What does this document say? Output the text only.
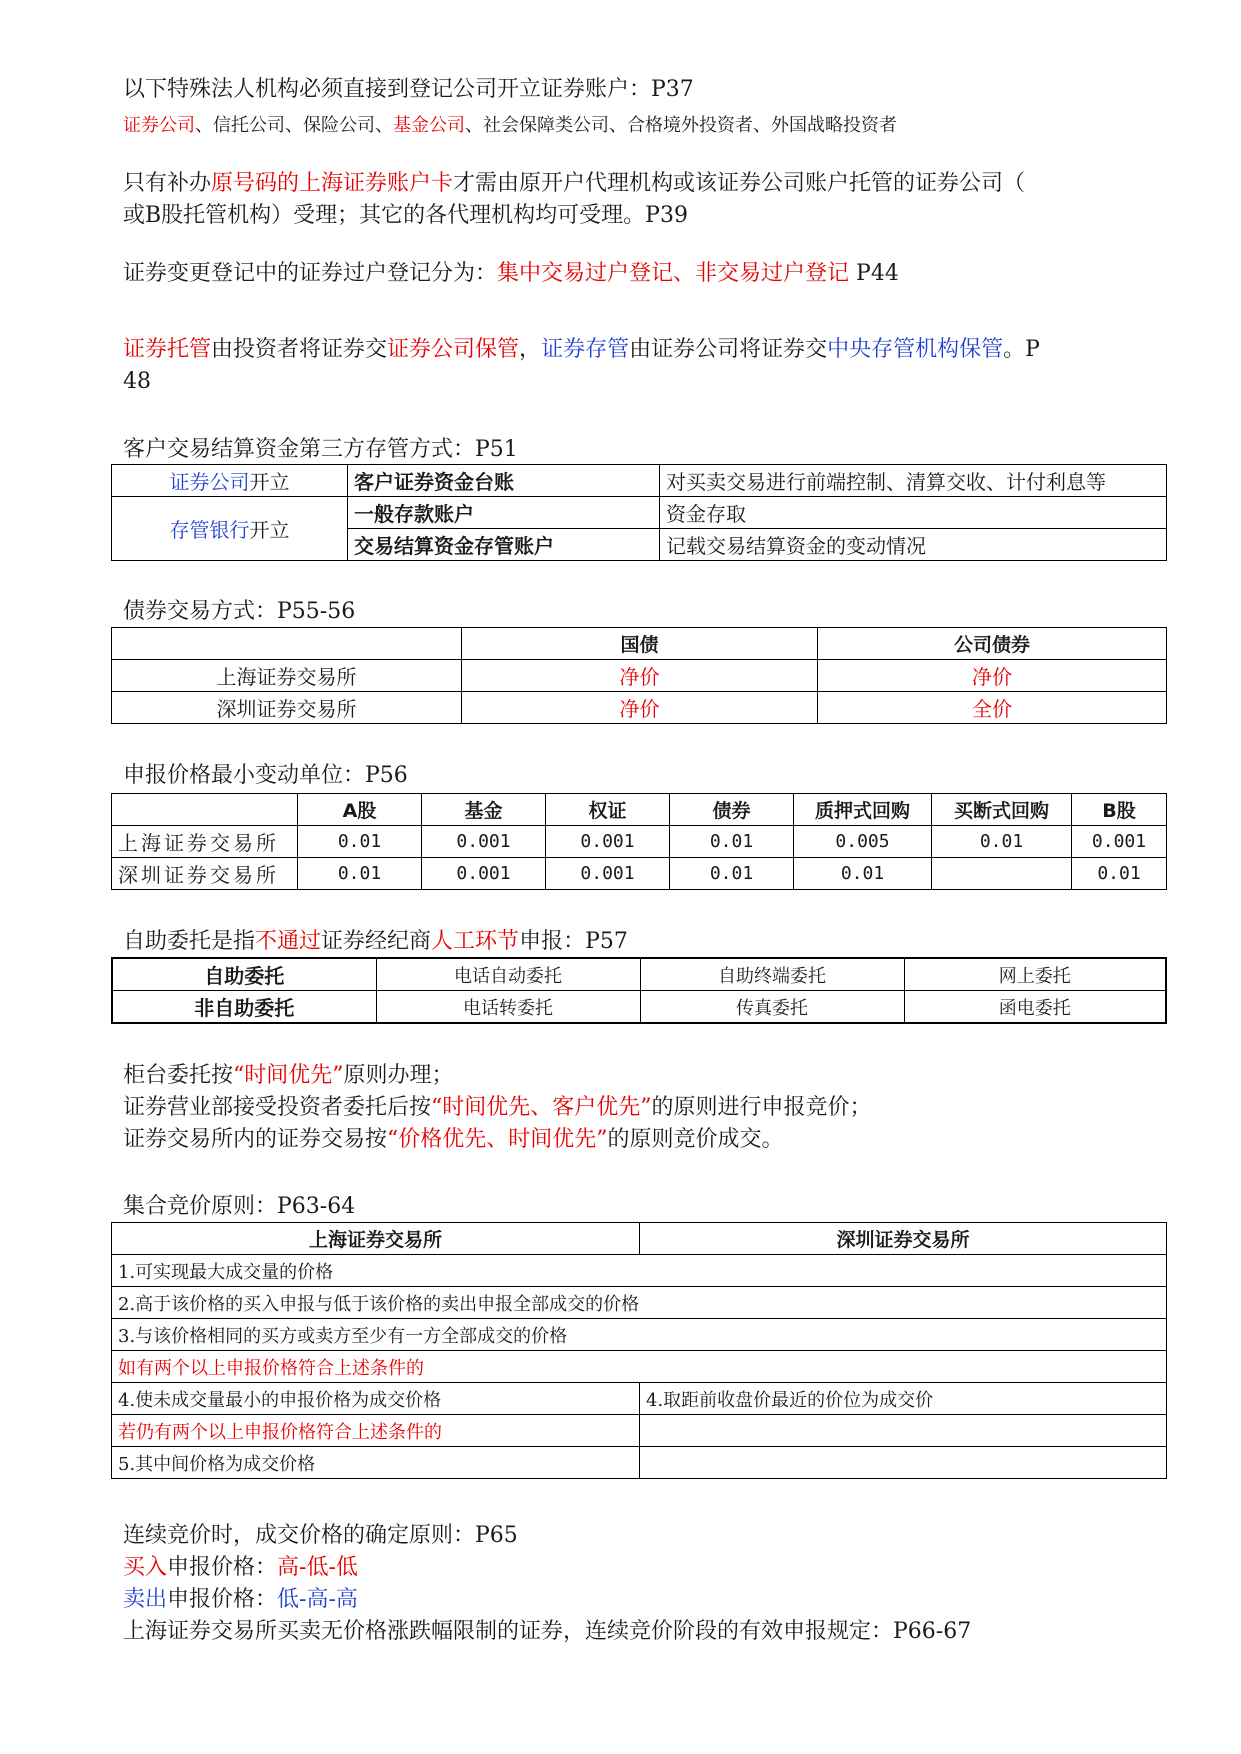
以下特殊法人机构必须直接到登记公司开立证券账户：P37
证券公司、信托公司、保险公司、基金公司、社会保障类公司、合格境外投资者、外国战略投资者
只有补办原号码的上海证券账户卡才需由原开户代理机构或该证券公司账户托管的证券公司（
或B股托管机构）受理；其它的各代理机构均可受理。P39
证券变更登记中的证券过户登记分为：集中交易过户登记、非交易过户登记 P44
证券托管由投资者将证券交证券公司保管，证券存管由证券公司将证券交中央存管机构保管。P
48
客户交易结算资金第三方存管方式：P51
证券公司开立	客户证券资金台账	对买卖交易进行前端控制、清算交收、计付利息等
存管银行开立	一般存款账户	资金存取
	交易结算资金存管账户	记载交易结算资金的变动情况
债券交易方式：P55-56
	国债	公司债券
上海证券交易所	净价	净价
深圳证券交易所	净价	全价
申报价格最小变动单位：P56
	A股	基金	权证	债券	质押式回购	买断式回购	B股
上海证券交易所	0.01	0.001	0.001	0.01	0.005	0.01	0.001
深圳证券交易所	0.01	0.001	0.001	0.01	0.01		0.01
自助委托是指不通过证券经纪商人工环节申报：P57
自助委托	电话自动委托	自助终端委托	网上委托
非自助委托	电话转委托	传真委托	函电委托
柜台委托按“时间优先”原则办理；
证券营业部接受投资者委托后按“时间优先、客户优先”的原则进行申报竞价；
证券交易所内的证券交易按“价格优先、时间优先”的原则竞价成交。
集合竞价原则：P63-64
上海证券交易所	深圳证券交易所
1.可实现最大成交量的价格	
2.高于该价格的买入申报与低于该价格的卖出申报全部成交的价格	
3.与该价格相同的买方或卖方至少有一方全部成交的价格	
如有两个以上申报价格符合上述条件的	
4.使未成交量最小的申报价格为成交价格	4.取距前收盘价最近的价位为成交价
若仍有两个以上申报价格符合上述条件的	
5.其中间价格为成交价格	
连续竞价时，成交价格的确定原则：P65
买入申报价格：高-低-低
卖出申报价格：低-高-高
上海证券交易所买卖无价格涨跌幅限制的证券，连续竞价阶段的有效申报规定：P66-67
